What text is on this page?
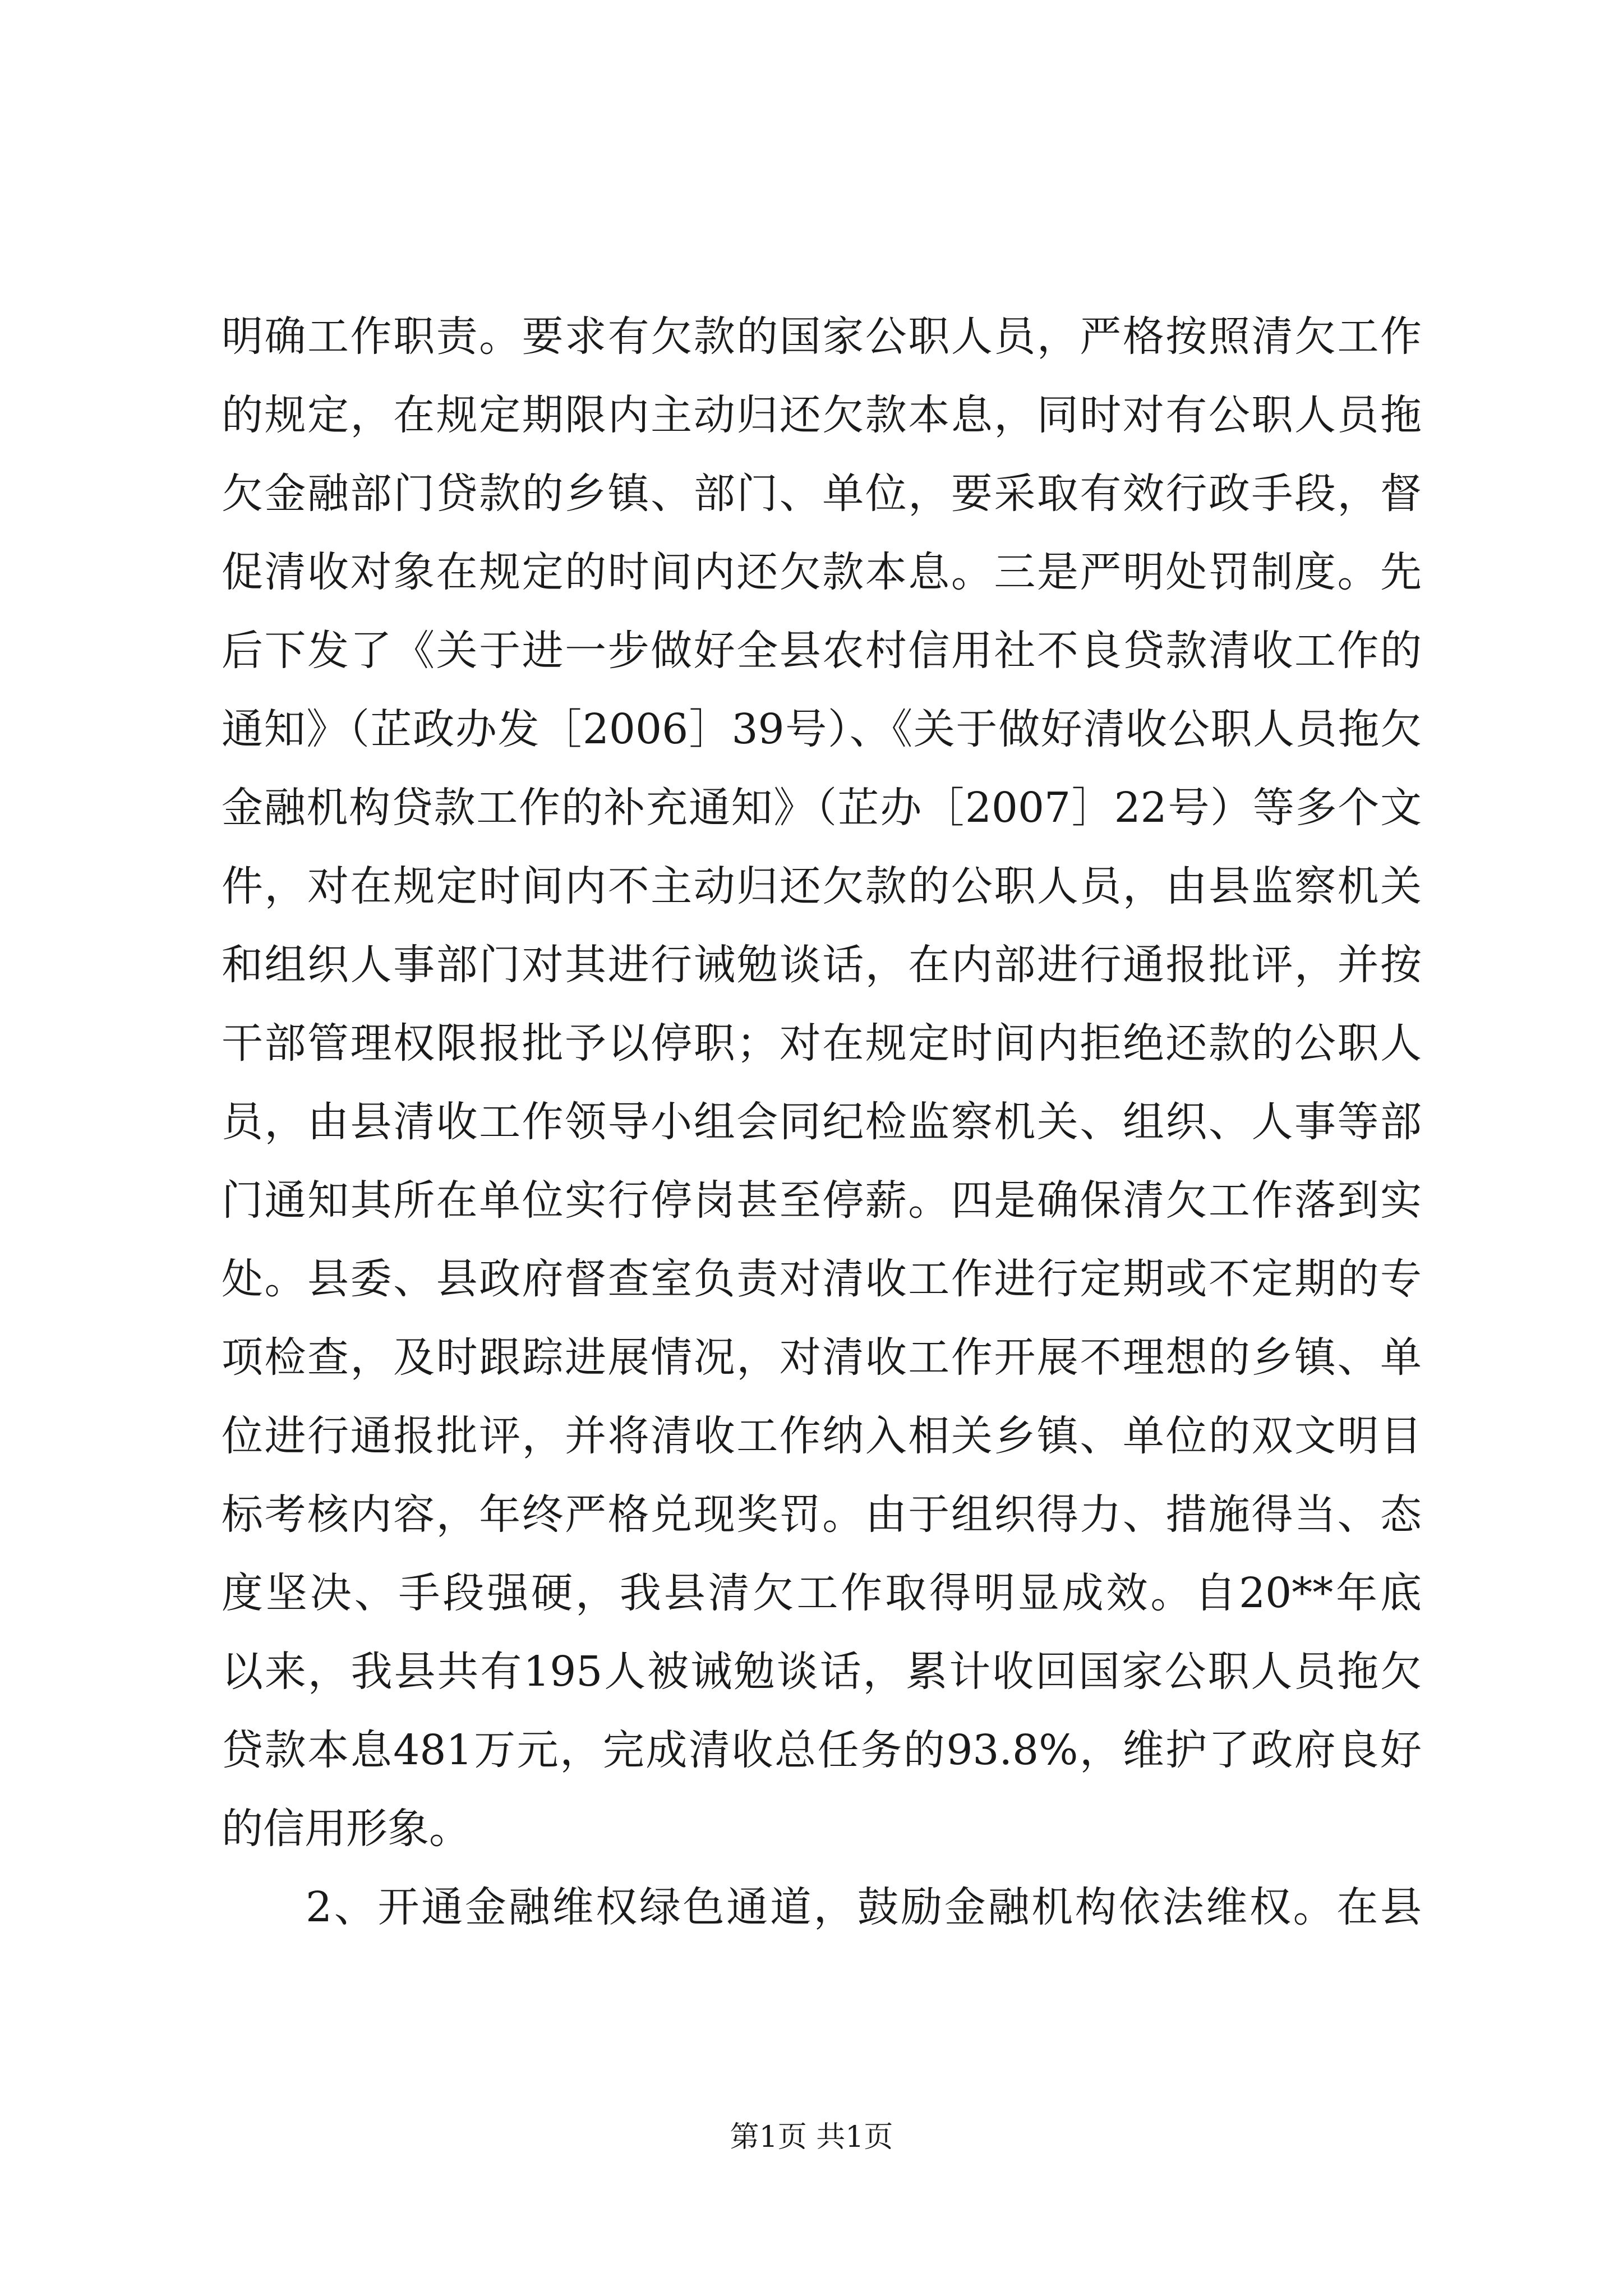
明确工作职责。要求有欠款的国家公职人员，严格按照清欠工作
的规定，在规定期限内主动归还欠款本息，同时对有公职人员拖
欠金融部门贷款的乡镇、部门、单位，要采取有效行政手段，督
促清收对象在规定的时间内还欠款本息。三是严明处罚制度。先
后下发了《关于进一步做好全县农村信用社不良贷款清收工作的
通知》（芷政办发［2006］39号）、《关于做好清收公职人员拖欠
金融机构贷款工作的补充通知》（芷办［2007］22号）等多个文
件，对在规定时间内不主动归还欠款的公职人员，由县监察机关
和组织人事部门对其进行诫勉谈话，在内部进行通报批评，并按
干部管理权限报批予以停职；对在规定时间内拒绝还款的公职人
员，由县清收工作领导小组会同纪检监察机关、组织、人事等部
门通知其所在单位实行停岗甚至停薪。四是确保清欠工作落到实
处。县委、县政府督查室负责对清收工作进行定期或不定期的专
项检查，及时跟踪进展情况，对清收工作开展不理想的乡镇、单
位进行通报批评，并将清收工作纳入相关乡镇、单位的双文明目
标考核内容，年终严格兑现奖罚。由于组织得力、措施得当、态
度坚决、手段强硬，我县清欠工作取得明显成效。自20**年底
以来，我县共有195人被诫勉谈话，累计收回国家公职人员拖欠
贷款本息481万元，完成清收总任务的93.8%，维护了政府良好
的信用形象。
2、开通金融维权绿色通道，鼓励金融机构依法维权。在县
第1页 共1页
